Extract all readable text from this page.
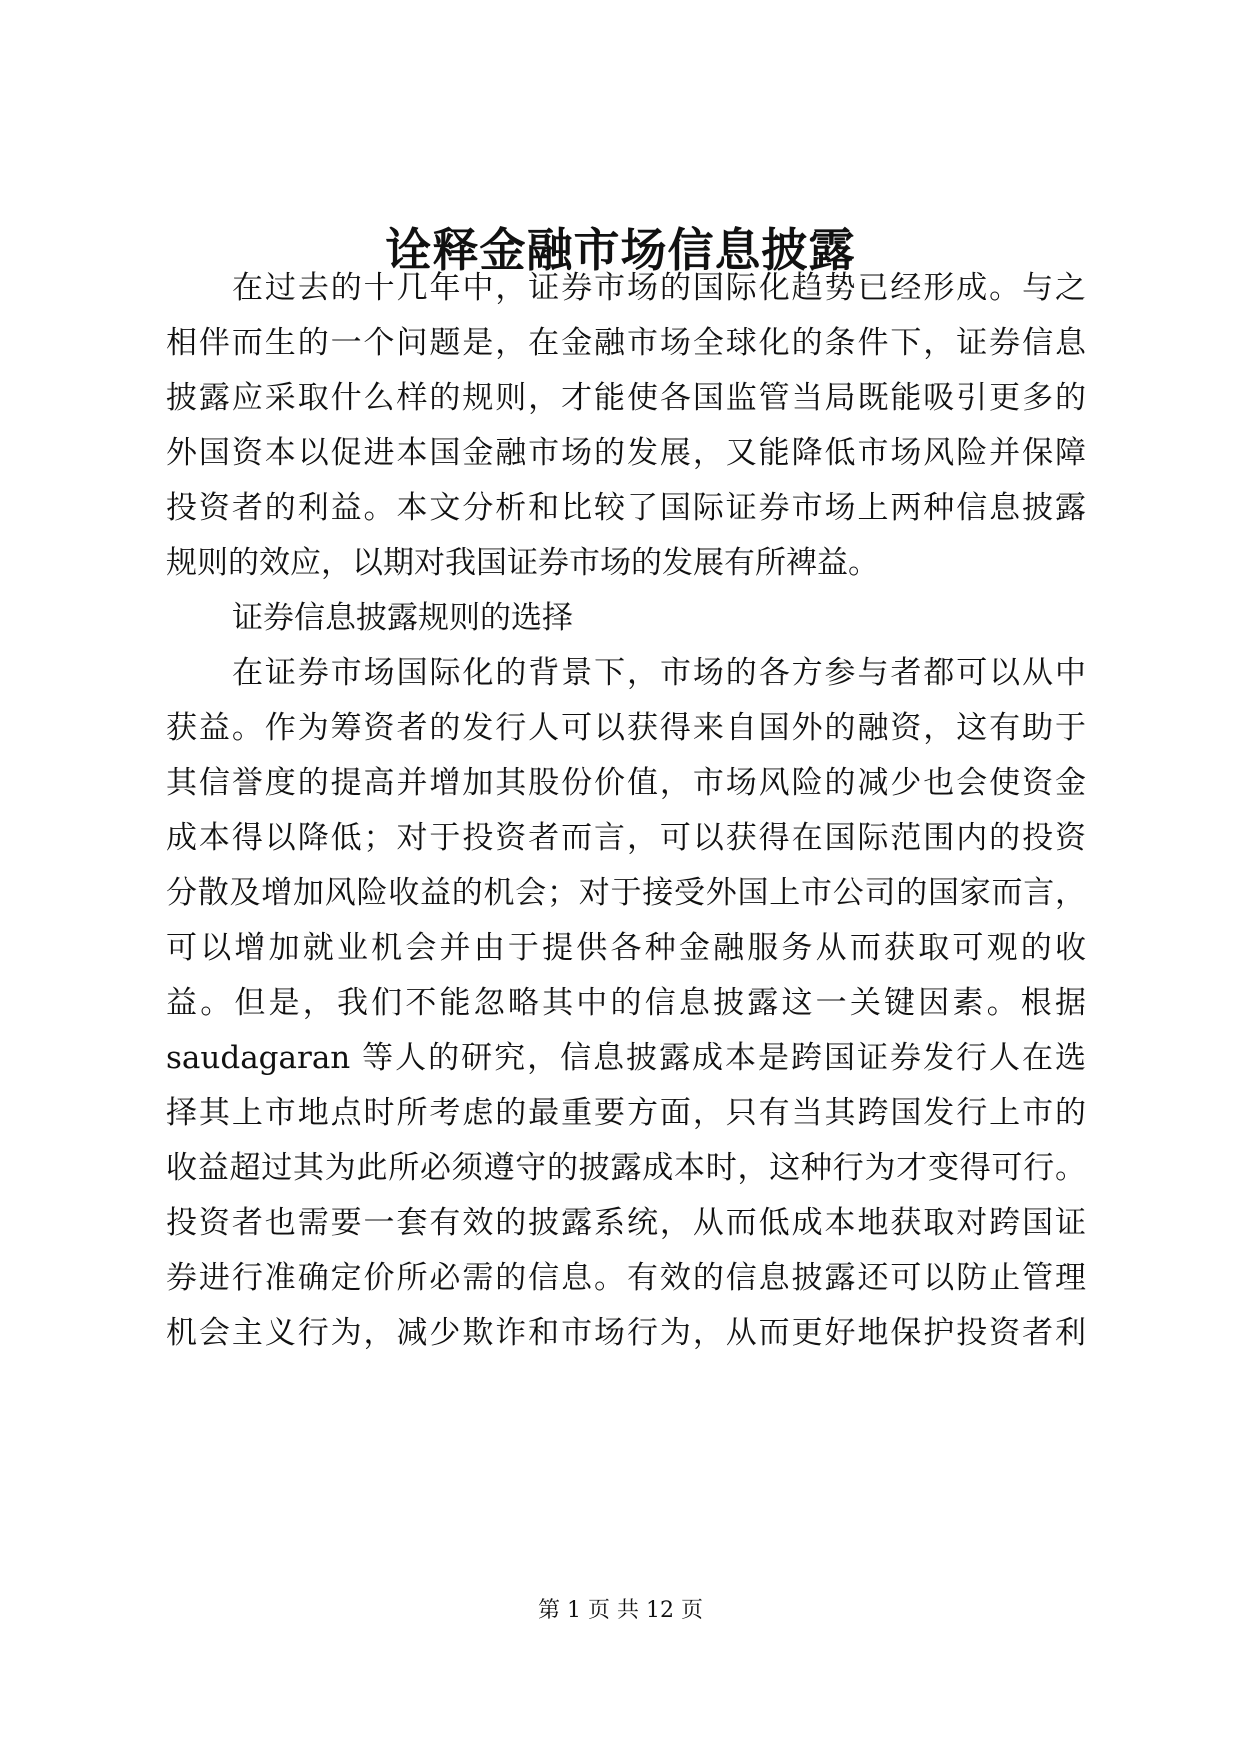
诠释金融市场信息披露

在过去的十几年中，证券市场的国际化趋势已经形成。与之

相伴而生的一个问题是，在金融市场全球化的条件下，证券信息

披露应采取什么样的规则，才能使各国监管当局既能吸引更多的

外国资本以促进本国金融市场的发展，又能降低市场风险并保障

投资者的利益。本文分析和比较了国际证券市场上两种信息披露

规则的效应，以期对我国证券市场的发展有所裨益。

证券信息披露规则的选择

在证券市场国际化的背景下，市场的各方参与者都可以从中

获益。作为筹资者的发行人可以获得来自国外的融资，这有助于

其信誉度的提高并增加其股份价值，市场风险的减少也会使资金

成本得以降低；对于投资者而言，可以获得在国际范围内的投资

分散及增加风险收益的机会；对于接受外国上市公司的国家而言，

可以增加就业机会并由于提供各种金融服务从而获取可观的收

益。但是，我们不能忽略其中的信息披露这一关键因素。根据

saudagaran 等人的研究，信息披露成本是跨国证券发行人在选

择其上市地点时所考虑的最重要方面，只有当其跨国发行上市的

收益超过其为此所必须遵守的披露成本时，这种行为才变得可行。

投资者也需要一套有效的披露系统，从而低成本地获取对跨国证

券进行准确定价所必需的信息。有效的信息披露还可以防止管理

机会主义行为，减少欺诈和市场行为，从而更好地保护投资者利

第 1 页 共 12 页
